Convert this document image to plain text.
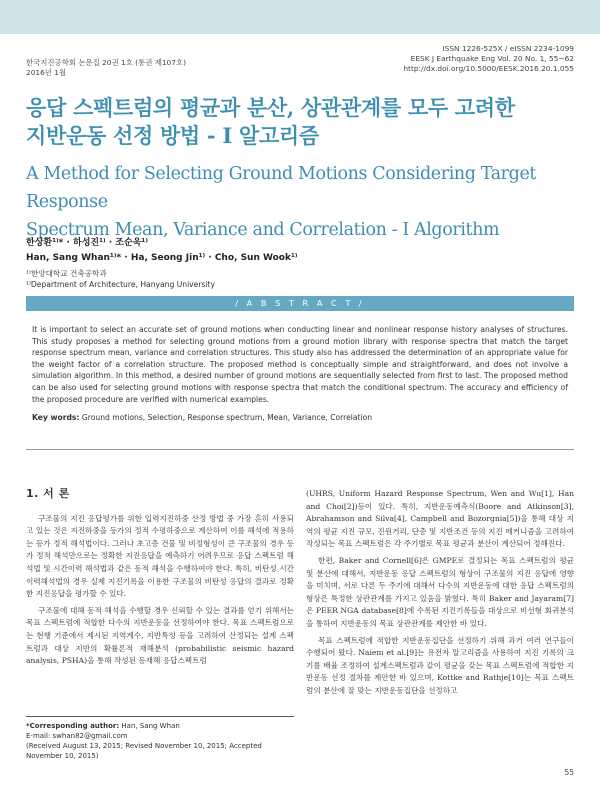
한국지진공학회 논문집 20권 1호 (통권 제107호)
2016년 1월
ISSN 1226-525X / eISSN 2234-1099
EESK J Earthquake Eng Vol. 20 No. 1, 55~62
http://dx.doi.org/10.5000/EESK.2016.20.1.055
응답 스펙트럼의 평균과 분산, 상관관계를 모두 고려한
지반운동 선정 방법 - I 알고리즘
A Method for Selecting Ground Motions Considering Target Response
Spectrum Mean, Variance and Correlation - I Algorithm
한상환¹⁾* · 하성진¹⁾ · 조순욱¹⁾
Han, Sang Whan¹⁾* · Ha, Seong Jin¹⁾ · Cho, Sun Wook¹⁾
¹⁾한양대학교 건축공학과
¹⁾Department of Architecture, Hanyang University
/ A B S T R A C T /

It is important to select an accurate set of ground motions when conducting linear and nonlinear response history analyses of structures. This study proposes a method for selecting ground motions from a ground motion library with response spectra that match the target response spectrum mean, variance and correlation structures. This study also has addressed the determination of an appropriate value for the weight factor of a correlation structure. The proposed method is conceptually simple and straightforward, and does not involve a simulation algorithm. In this method, a desired number of ground motions are sequentially selected from first to last. The proposed method can be also used for selecting ground motions with response spectra that match the conditional spectrum. The accuracy and efficiency of the proposed procedure are verified with numerical examples.

Key words: Ground motions, Selection, Response spectrum, Mean, Variance, Correlation

1. 서 론

구조물의 지진 응답평가를 위한 입력지진하중 산정 방법 중 가장 흔히 사용되고 있는 것은 지진하중을 등가의 정적 수평하중으로 계산하여 이를 해석에 적용하는 등가 정적 해석법이다. 그러나 초고층 건물 및 비정형성이 큰 구조물의 경우 등가 정적 해석만으로는 정확한 지진응답을 예측하기 어려우므로 응답 스펙트럼 해석법 및 시간이력 해석법과 같은 동적 해석을 수행하여야 한다. 특히, 비탄성 시간이력해석법의 경우 실제 지진기록을 이용한 구조물의 비탄성 응답의 결과로 정확한 지진응답을 평가할 수 있다.

구조물에 대해 동적 해석을 수행할 경우 신뢰할 수 있는 결과를 얻기 위해서는 목표 스펙트럼에 적합한 다수의 지반운동을 선정하여야 한다. 목표 스펙트럼으로는 현행 기준에서 제시된 지역계수, 지반특성 등을 고려하여 산정되는 설계 스펙트럼과 대상 지반의 확률론적 재해분석 (probabilistic seismic hazard analysis, PSHA)을 통해 작성된 등재해 응답스펙트럼

(UHRS, Uniform Hazard Response Spectrum, Wen and Wu[1], Han and Choi[2])등이 있다. 특히, 지반운동예측식(Boore and Atkinson[3], Abrahamson and Silva[4], Campbell and Bozorgnia[5])을 통해 대상 지역의 평균 지진 규모, 진원거리, 단층 및 지반조건 등의 지진 메커니즘을 고려하여 작성되는 목표 스펙트럼은 각 주기별로 목표 평균과 분산이 계산되어 정해진다.

한편, Baker and Cornell[6]은 GMPE로 결정되는 목표 스펙트럼의 평균 및 분산에 대해서, 지반운동 응답 스펙트럼의 형상이 구조물의 지진 응답에 영향을 미치며, 서로 다른 두 주기에 대해서 다수의 지반운동에 대한 응답 스펙트럼의 형상은 특정한 상관관계를 가지고 있음을 밝혔다. 특히 Baker and Jayaram[7]은 PEER NGA database[8]에 수록된 지진기록들을 대상으로 비선형 회귀분석을 통하여 지반운동의 목표 상관관계를 제안한 바 있다.

목표 스펙트럼에 적합한 지반운동집단을 선정하기 위해 과거 여러 연구들이 수행되어 왔다. Naiem et al.[9]는 유전자 알고리즘을 사용하여 지진 기록의 크기를 배율 조정하여 설계스펙트럼과 같이 평균을 갖는 목표 스펙트럼에 적합한 지반운동 선정 절차를 제안한 바 있으며, Kottke and Rathje[10]는 목표 스펙트럼의 분산에 잘 맞는 지반운동집단을 선정하고

*Corresponding author: Han, Sang Whan
E-mail: swhan82@gmail.com
(Received August 13, 2015; Revised November 10, 2015; Accepted November 10, 2015)
55
